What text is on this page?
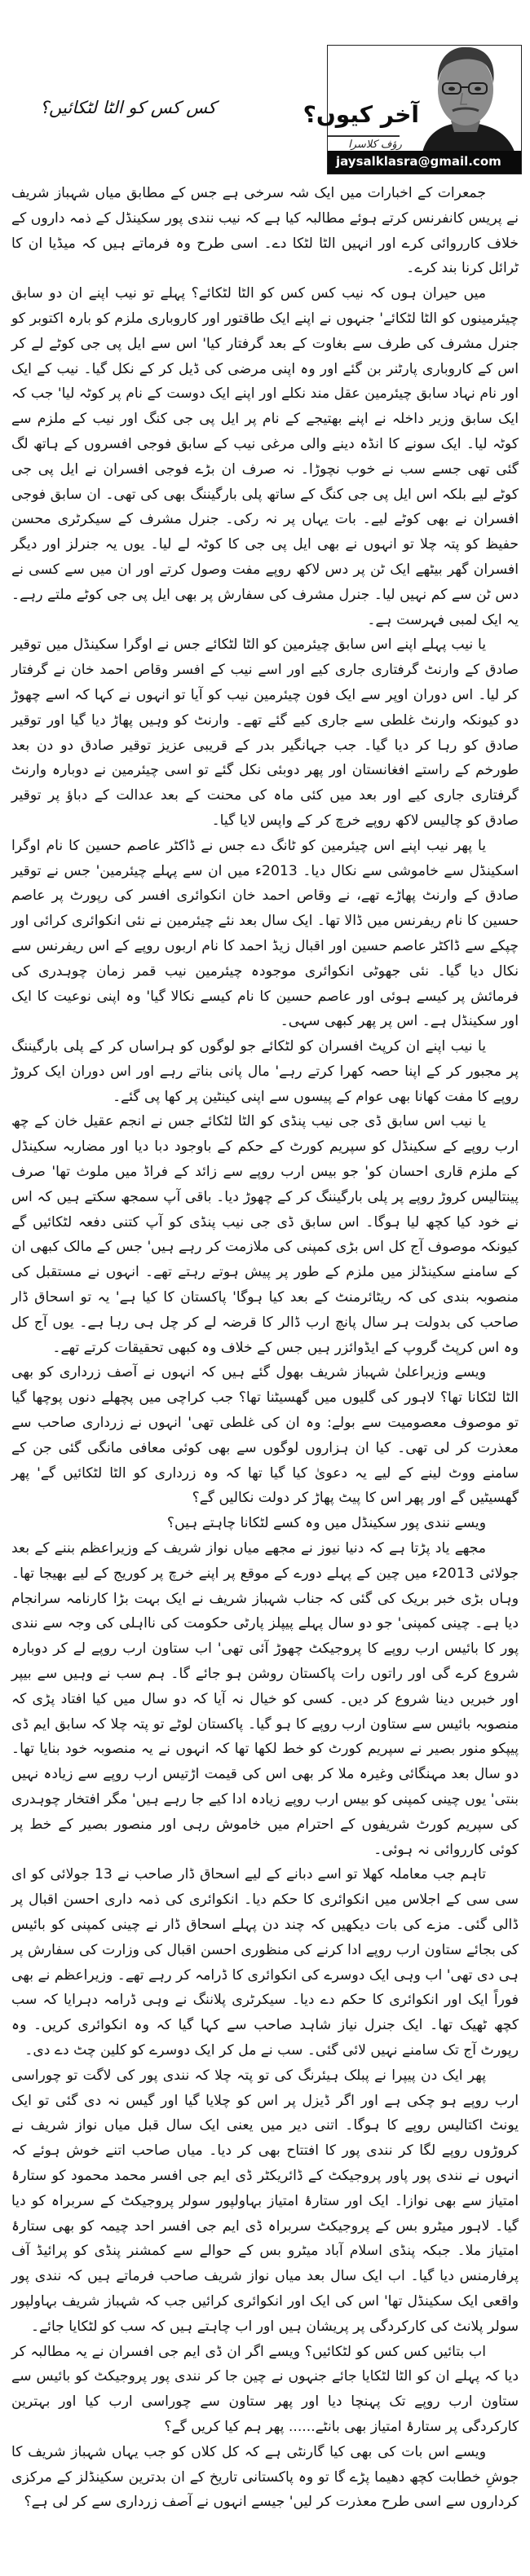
کس کس کو الٹا لٹکائیں؟	آخر کیوں؟
رؤف کلاسرا
jaysalklasra@gmail.com

جمعرات کے اخبارات میں ایک شہ سرخی ہے جس کے مطابق میاں شہباز شریف نے پریس کانفرنس کرتے ہوئے مطالبہ کیا ہے کہ نیب نندی پور سکینڈل کے ذمہ داروں کے خلاف کارروائی کرے اور انہیں الٹا لٹکا دے۔ اسی طرح وہ فرماتے ہیں کہ میڈیا ان کا ٹرائل کرنا بند کرے۔

میں حیران ہوں کہ نیب کس کس کو الٹا لٹکائے؟ پہلے تو نیب اپنے ان دو سابق چیئرمینوں کو الٹا لٹکائے' جنہوں نے اپنے ایک طاقتور اور کاروباری ملزم کو بارہ اکتوبر کو جنرل مشرف کی طرف سے بغاوت کے بعد گرفتار کیا' اس سے ایل پی جی کوٹے لے کر اس کے کاروباری پارٹنر بن گئے اور وہ اپنی مرضی کی ڈیل کر کے نکل گیا۔ نیب کے ایک اور نام نہاد سابق چیئرمین عقل مند نکلے اور اپنے ایک دوست کے نام پر کوٹہ لیا' جب کہ ایک سابق وزیر داخلہ نے اپنے بھتیجے کے نام پر ایل پی جی کنگ اور نیب کے ملزم سے کوٹہ لیا۔ ایک سونے کا انڈہ دینے والی مرغی نیب کے سابق فوجی افسروں کے ہاتھ لگ گئی تھی جسے سب نے خوب نچوڑا۔ نہ صرف ان بڑے فوجی افسران نے ایل پی جی کوٹے لیے بلکہ اس ایل پی جی کنگ کے ساتھ پلی بارگیننگ بھی کی تھی۔ ان سابق فوجی افسران نے بھی کوٹے لیے۔ بات یہاں پر نہ رکی۔ جنرل مشرف کے سیکرٹری محسن حفیظ کو پتہ چلا تو انہوں نے بھی ایل پی جی کا کوٹہ لے لیا۔ یوں یہ جنرلز اور دیگر افسران گھر بیٹھے ایک ٹن پر دس لاکھ روپے مفت وصول کرتے اور ان میں سے کسی نے دس ٹن سے کم نہیں لیا۔ جنرل مشرف کی سفارش پر بھی ایل پی جی کوٹے ملتے رہے۔ یہ ایک لمبی فہرست ہے۔

یا نیب پہلے اپنے اس سابق چیئرمین کو الٹا لٹکائے جس نے اوگرا سکینڈل میں توقیر صادق کے وارنٹ گرفتاری جاری کیے اور اسے نیب کے افسر وقاص احمد خان نے گرفتار کر لیا۔ اس دوران اوپر سے ایک فون چیئرمین نیب کو آیا تو انہوں نے کہا کہ اسے چھوڑ دو کیونکہ وارنٹ غلطی سے جاری کیے گئے تھے۔ وارنٹ کو وہیں پھاڑ دیا گیا اور توقیر صادق کو رہا کر دیا گیا۔ جب جہانگیر بدر کے قریبی عزیز توقیر صادق دو دن بعد طورخم کے راستے افغانستان اور پھر دوبئی نکل گئے تو اسی چیئرمین نے دوبارہ وارنٹ گرفتاری جاری کیے اور بعد میں کئی ماہ کی محنت کے بعد عدالت کے دباؤ پر توقیر صادق کو چالیس لاکھ روپے خرچ کر کے واپس لایا گیا۔

یا پھر نیب اپنے اس چیئرمین کو ٹانگ دے جس نے ڈاکٹر عاصم حسین کا نام اوگرا اسکینڈل سے خاموشی سے نکال دیا۔ 2013ء میں ان سے پہلے چیئرمین' جس نے توقیر صادق کے وارنٹ پھاڑے تھے، نے وقاص احمد خان انکوائری افسر کی رپورٹ پر عاصم حسین کا نام ریفرنس میں ڈالا تھا۔ ایک سال بعد نئے چیئرمین نے نئی انکوائری کرائی اور چپکے سے ڈاکٹر عاصم حسین اور اقبال زیڈ احمد کا نام اربوں روپے کے اس ریفرنس سے نکال دیا گیا۔ نئی جھوٹی انکوائری موجودہ چیئرمین نیب قمر زمان چوہدری کی فرمائش پر کیسے ہوئی اور عاصم حسین کا نام کیسے نکالا گیا' وہ اپنی نوعیت کا ایک اور سکینڈل ہے۔ اس پر پھر کبھی سہی۔

یا نیب اپنے ان کرپٹ افسران کو لٹکائے جو لوگوں کو ہراساں کر کے پلی بارگیننگ پر مجبور کر کے اپنا حصہ کھرا کرتے رہے' مال پانی بناتے رہے اور اس دوران ایک کروڑ روپے کا مفت کھانا بھی عوام کے پیسوں سے اپنی کینٹین پر کھا پی گئے۔

یا نیب اس سابق ڈی جی نیب پنڈی کو الٹا لٹکائے جس نے انجم عقیل خان کے چھ ارب روپے کے سکینڈل کو سپریم کورٹ کے حکم کے باوجود دبا دیا اور مضاربہ سکینڈل کے ملزم قاری احسان کو' جو بیس ارب روپے سے زائد کے فراڈ میں ملوث تھا' صرف پینتالیس کروڑ روپے پر پلی بارگیننگ کر کے چھوڑ دیا۔ باقی آپ سمجھ سکتے ہیں کہ اس نے خود کیا کچھ لیا ہوگا۔ اس سابق ڈی جی نیب پنڈی کو آپ کتنی دفعہ لٹکائیں گے کیونکہ موصوف آج کل اس بڑی کمپنی کی ملازمت کر رہے ہیں' جس کے مالک کبھی ان کے سامنے سکینڈلز میں ملزم کے طور پر پیش ہوتے رہتے تھے۔ انہوں نے مستقبل کی منصوبہ بندی کی کہ ریٹائرمنٹ کے بعد کیا ہوگا' پاکستان کا کیا ہے' یہ تو اسحاق ڈار صاحب کی بدولت ہر سال پانچ ارب ڈالر کا قرضہ لے کر چل ہی رہا ہے۔ یوں آج کل وہ اس کرپٹ گروپ کے ایڈوائزر ہیں جس کے خلاف وہ کبھی تحقیقات کرتے تھے۔

ویسے وزیراعلیٰ شہباز شریف بھول گئے ہیں کہ انہوں نے آصف زرداری کو بھی الٹا لٹکانا تھا؟ لاہور کی گلیوں میں گھسیٹنا تھا؟ جب کراچی میں پچھلے دنوں پوچھا گیا تو موصوف معصومیت سے بولے: وہ ان کی غلطی تھی' انہوں نے زرداری صاحب سے معذرت کر لی تھی۔ کیا ان ہزاروں لوگوں سے بھی کوئی معافی مانگی گئی جن کے سامنے ووٹ لینے کے لیے یہ دعویٰ کیا گیا تھا کہ وہ زرداری کو الٹا لٹکائیں گے' پھر گھسیٹیں گے اور پھر اس کا پیٹ پھاڑ کر دولت نکالیں گے؟

ویسے نندی پور سکینڈل میں وہ کسے لٹکانا چاہتے ہیں؟

مجھے یاد پڑتا ہے کہ دنیا نیوز نے مجھے میاں نواز شریف کے وزیراعظم بننے کے بعد جولائی 2013ء میں چین کے پہلے دورے کے موقع پر اپنے خرچ پر کوریج کے لیے بھیجا تھا۔ وہاں بڑی خبر بریک کی گئی کہ جناب شہباز شریف نے ایک بہت بڑا کارنامہ سرانجام دیا ہے۔ چینی کمپنی' جو دو سال پہلے پیپلز پارٹی حکومت کی نااہلی کی وجہ سے نندی پور کا بائیس ارب روپے کا پروجیکٹ چھوڑ آئی تھی' اب ستاون ارب روپے لے کر دوبارہ شروع کرے گی اور راتوں رات پاکستان روشن ہو جائے گا۔ ہم سب نے وہیں سے بیپر اور خبریں دینا شروع کر دیں۔ کسی کو خیال نہ آیا کہ دو سال میں کیا افتاد پڑی کہ منصوبہ بائیس سے ستاون ارب روپے کا ہو گیا۔ پاکستان لوٹے تو پتہ چلا کہ سابق ایم ڈی پیپکو منور بصیر نے سپریم کورٹ کو خط لکھا تھا کہ انہوں نے یہ منصوبہ خود بنایا تھا۔ دو سال بعد مہنگائی وغیرہ ملا کر بھی اس کی قیمت اڑتیس ارب روپے سے زیادہ نہیں بنتی' یوں چینی کمپنی کو بیس ارب روپے زیادہ ادا کیے جا رہے ہیں' مگر افتخار چوہدری کی سپریم کورٹ شریفوں کے احترام میں خاموش رہی اور منصور بصیر کے خط پر کوئی کارروائی نہ ہوئی۔

تاہم جب معاملہ کھلا تو اسے دبانے کے لیے اسحاق ڈار صاحب نے 13 جولائی کو ای سی سی کے اجلاس میں انکوائری کا حکم دیا۔ انکوائری کی ذمہ داری احسن اقبال پر ڈالی گئی۔ مزے کی بات دیکھیں کہ چند دن پہلے اسحاق ڈار نے چینی کمپنی کو بائیس کی بجائے ستاون ارب روپے ادا کرنے کی منظوری احسن اقبال کی وزارت کی سفارش پر ہی دی تھی' اب وہی ایک دوسرے کی انکوائری کا ڈرامہ کر رہے تھے۔ وزیراعظم نے بھی فوراً ایک اور انکوائری کا حکم دے دیا۔ سیکرٹری پلاننگ نے وہی ڈرامہ دہرایا کہ سب کچھ ٹھیک تھا۔ ایک جنرل نیاز شاہد صاحب سے کہا گیا کہ وہ انکوائری کریں۔ وہ رپورٹ آج تک سامنے نہیں لائی گئی۔ سب نے مل کر ایک دوسرے کو کلین چٹ دے دی۔

پھر ایک دن پیپرا نے پبلک ہیئرنگ کی تو پتہ چلا کہ نندی پور کی لاگت تو چوراسی ارب روپے ہو چکی ہے اور اگر ڈیزل پر اس کو چلایا گیا اور گیس نہ دی گئی تو ایک یونٹ اکتالیس روپے کا ہوگا۔ اتنی دیر میں یعنی ایک سال قبل میاں نواز شریف نے کروڑوں روپے لگا کر نندی پور کا افتتاح بھی کر دیا۔ میاں صاحب اتنے خوش ہوئے کہ انہوں نے نندی پور پاور پروجیکٹ کے ڈائریکٹر ڈی ایم جی افسر محمد محمود کو ستارۂ امتیاز سے بھی نوازا۔ ایک اور ستارۂ امتیاز بہاولپور سولر پروجیکٹ کے سربراہ کو دیا گیا۔ لاہور میٹرو بس کے پروجیکٹ سربراہ ڈی ایم جی افسر احد چیمہ کو بھی ستارۂ امتیاز ملا۔ جبکہ پنڈی اسلام آباد میٹرو بس کے حوالے سے کمشنر پنڈی کو پرائیڈ آف پرفارمنس دیا گیا۔ اب ایک سال بعد میاں نواز شریف صاحب فرماتے ہیں کہ نندی پور واقعی ایک سکینڈل تھا' اس کی ایک اور انکوائری کرائیں جب کہ شہباز شریف بہاولپور سولر پلانٹ کی کارکردگی پر پریشان ہیں اور اب چاہتے ہیں کہ سب کو لٹکایا جائے۔

اب بتائیں کس کس کو لٹکائیں؟ ویسے اگر ان ڈی ایم جی افسران نے یہ مطالبہ کر دیا کہ پہلے ان کو الٹا لٹکایا جائے جنہوں نے چین جا کر نندی پور پروجیکٹ کو بائیس سے ستاون ارب روپے تک پہنچا دیا اور پھر ستاون سے چوراسی ارب کیا اور بہترین کارکردگی پر ستارۂ امتیاز بھی بانٹے...... پھر ہم کیا کریں گے؟

ویسے اس بات کی بھی کیا گارنٹی ہے کہ کل کلاں کو جب یہاں شہباز شریف کا جوشِ خطابت کچھ دھیما پڑے گا تو وہ پاکستانی تاریخ کے ان بدترین سکینڈلز کے مرکزی کرداروں سے اسی طرح معذرت کر لیں' جیسے انہوں نے آصف زرداری سے کر لی ہے؟
